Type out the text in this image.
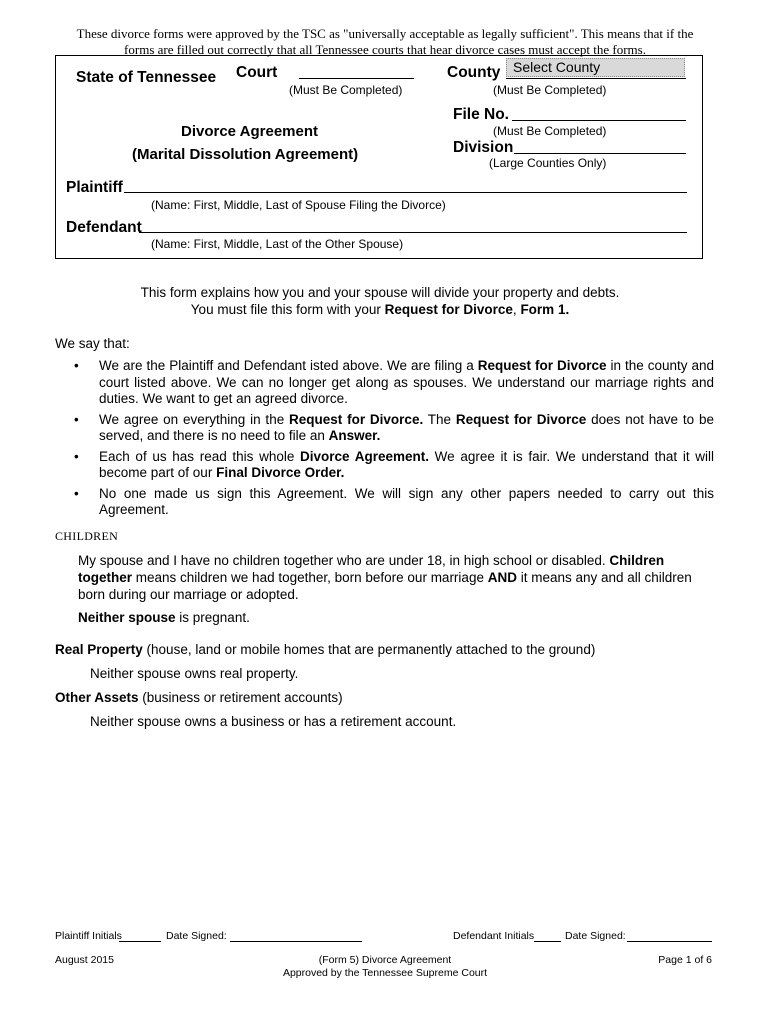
These divorce forms were approved by the TSC as "universally acceptable as legally sufficient". This means that if the
forms are filled out correctly that all Tennessee courts that hear divorce cases must accept the forms.
State of Tennessee Court
(Must Be Completed)
County Select County
(Must Be Completed)
Divorce Agreement
(Marital Dissolution Agreement)
File No.
(Must Be Completed)
Division
(Large Counties Only)
Plaintiff
(Name: First, Middle, Last of Spouse Filing the Divorce)
Defendant
(Name: First, Middle, Last of the Other Spouse)
This form explains how you and your spouse will divide your property and debts.
You must file this form with your Request for Divorce, Form 1.
We say that:
• We are the Plaintiff and Defendant isted above. We are filing a Request for Divorce in the county and court listed above. We can no longer get along as spouses. We understand our marriage rights and duties. We want to get an agreed divorce.
• We agree on everything in the Request for Divorce. The Request for Divorce does not have to be served, and there is no need to file an Answer.
• Each of us has read this whole Divorce Agreement. We agree it is fair. We understand that it will become part of our Final Divorce Order.
• No one made us sign this Agreement. We will sign any other papers needed to carry out this Agreement.
CHILDREN
My spouse and I have no children together who are under 18, in high school or disabled. Children together means children we had together, born before our marriage AND it means any and all children born during our marriage or adopted.
Neither spouse is pregnant.
Real Property (house, land or mobile homes that are permanently attached to the ground)
Neither spouse owns real property.
Other Assets (business or retirement accounts)
Neither spouse owns a business or has a retirement account.
Plaintiff Initials	Date Signed:	Defendant Initials	Date Signed:
August 2015	(Form 5) Divorce Agreement
Approved by the Tennessee Supreme Court
Page 1 of 6
